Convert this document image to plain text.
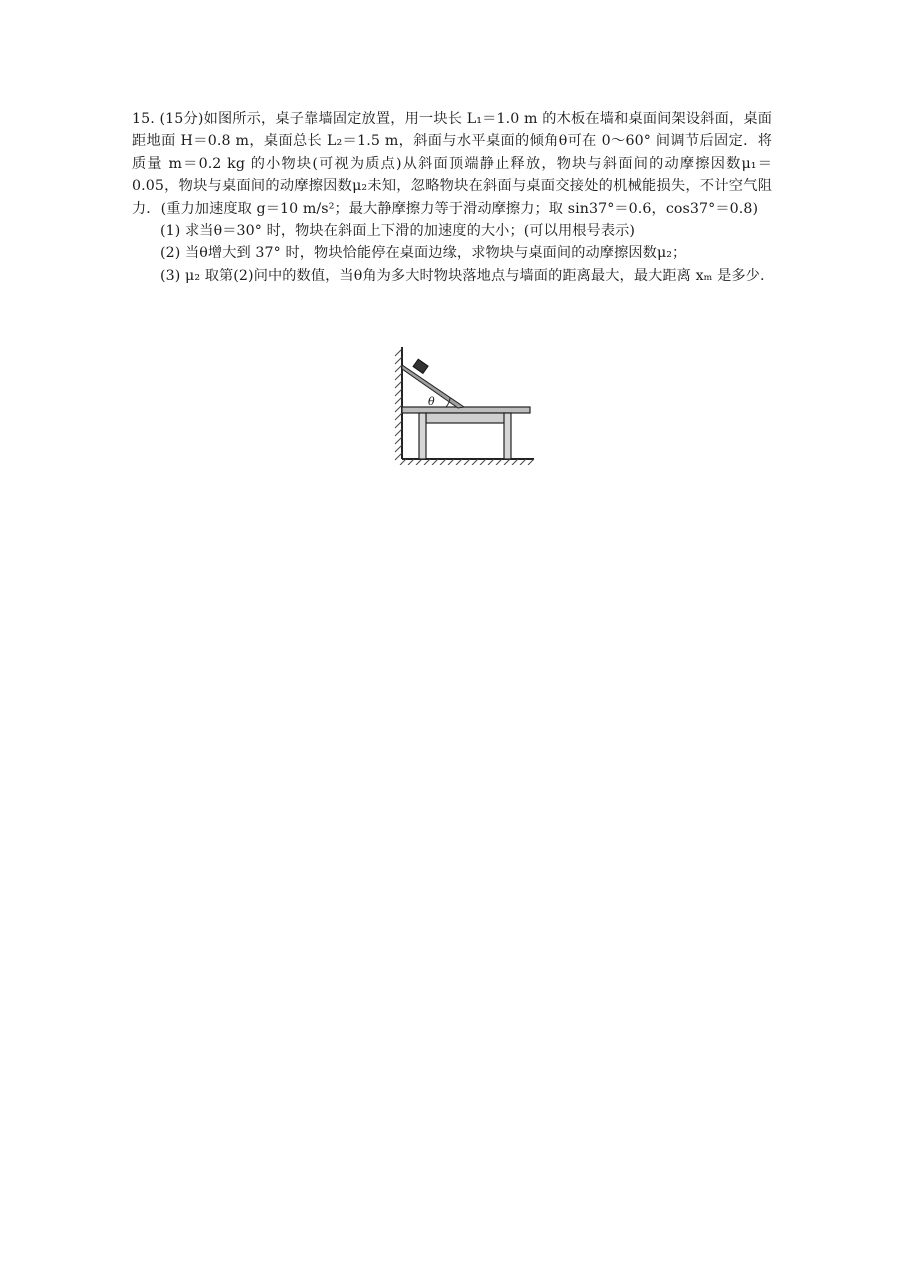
15. (15分)如图所示，桌子靠墙固定放置，用一块长 L₁＝1.0 m 的木板在墙和桌面间架设斜面，桌面距地面 H＝0.8 m，桌面总长 L₂＝1.5 m，斜面与水平桌面的倾角θ可在 0～60° 间调节后固定．将质量 m＝0.2 kg 的小物块(可视为质点)从斜面顶端静止释放，物块与斜面间的动摩擦因数μ₁＝0.05，物块与桌面间的动摩擦因数μ₂未知，忽略物块在斜面与桌面交接处的机械能损失，不计空气阻力．(重力加速度取 g＝10 m/s²；最大静摩擦力等于滑动摩擦力；取 sin37°＝0.6，cos37°＝0.8)

(1) 求当θ＝30° 时，物块在斜面上下滑的加速度的大小；(可以用根号表示)

(2) 当θ增大到 37° 时，物块恰能停在桌面边缘，求物块与桌面间的动摩擦因数μ₂；

(3) μ₂ 取第(2)问中的数值，当θ角为多大时物块落地点与墙面的距离最大，最大距离 xₘ 是多少.

θ
